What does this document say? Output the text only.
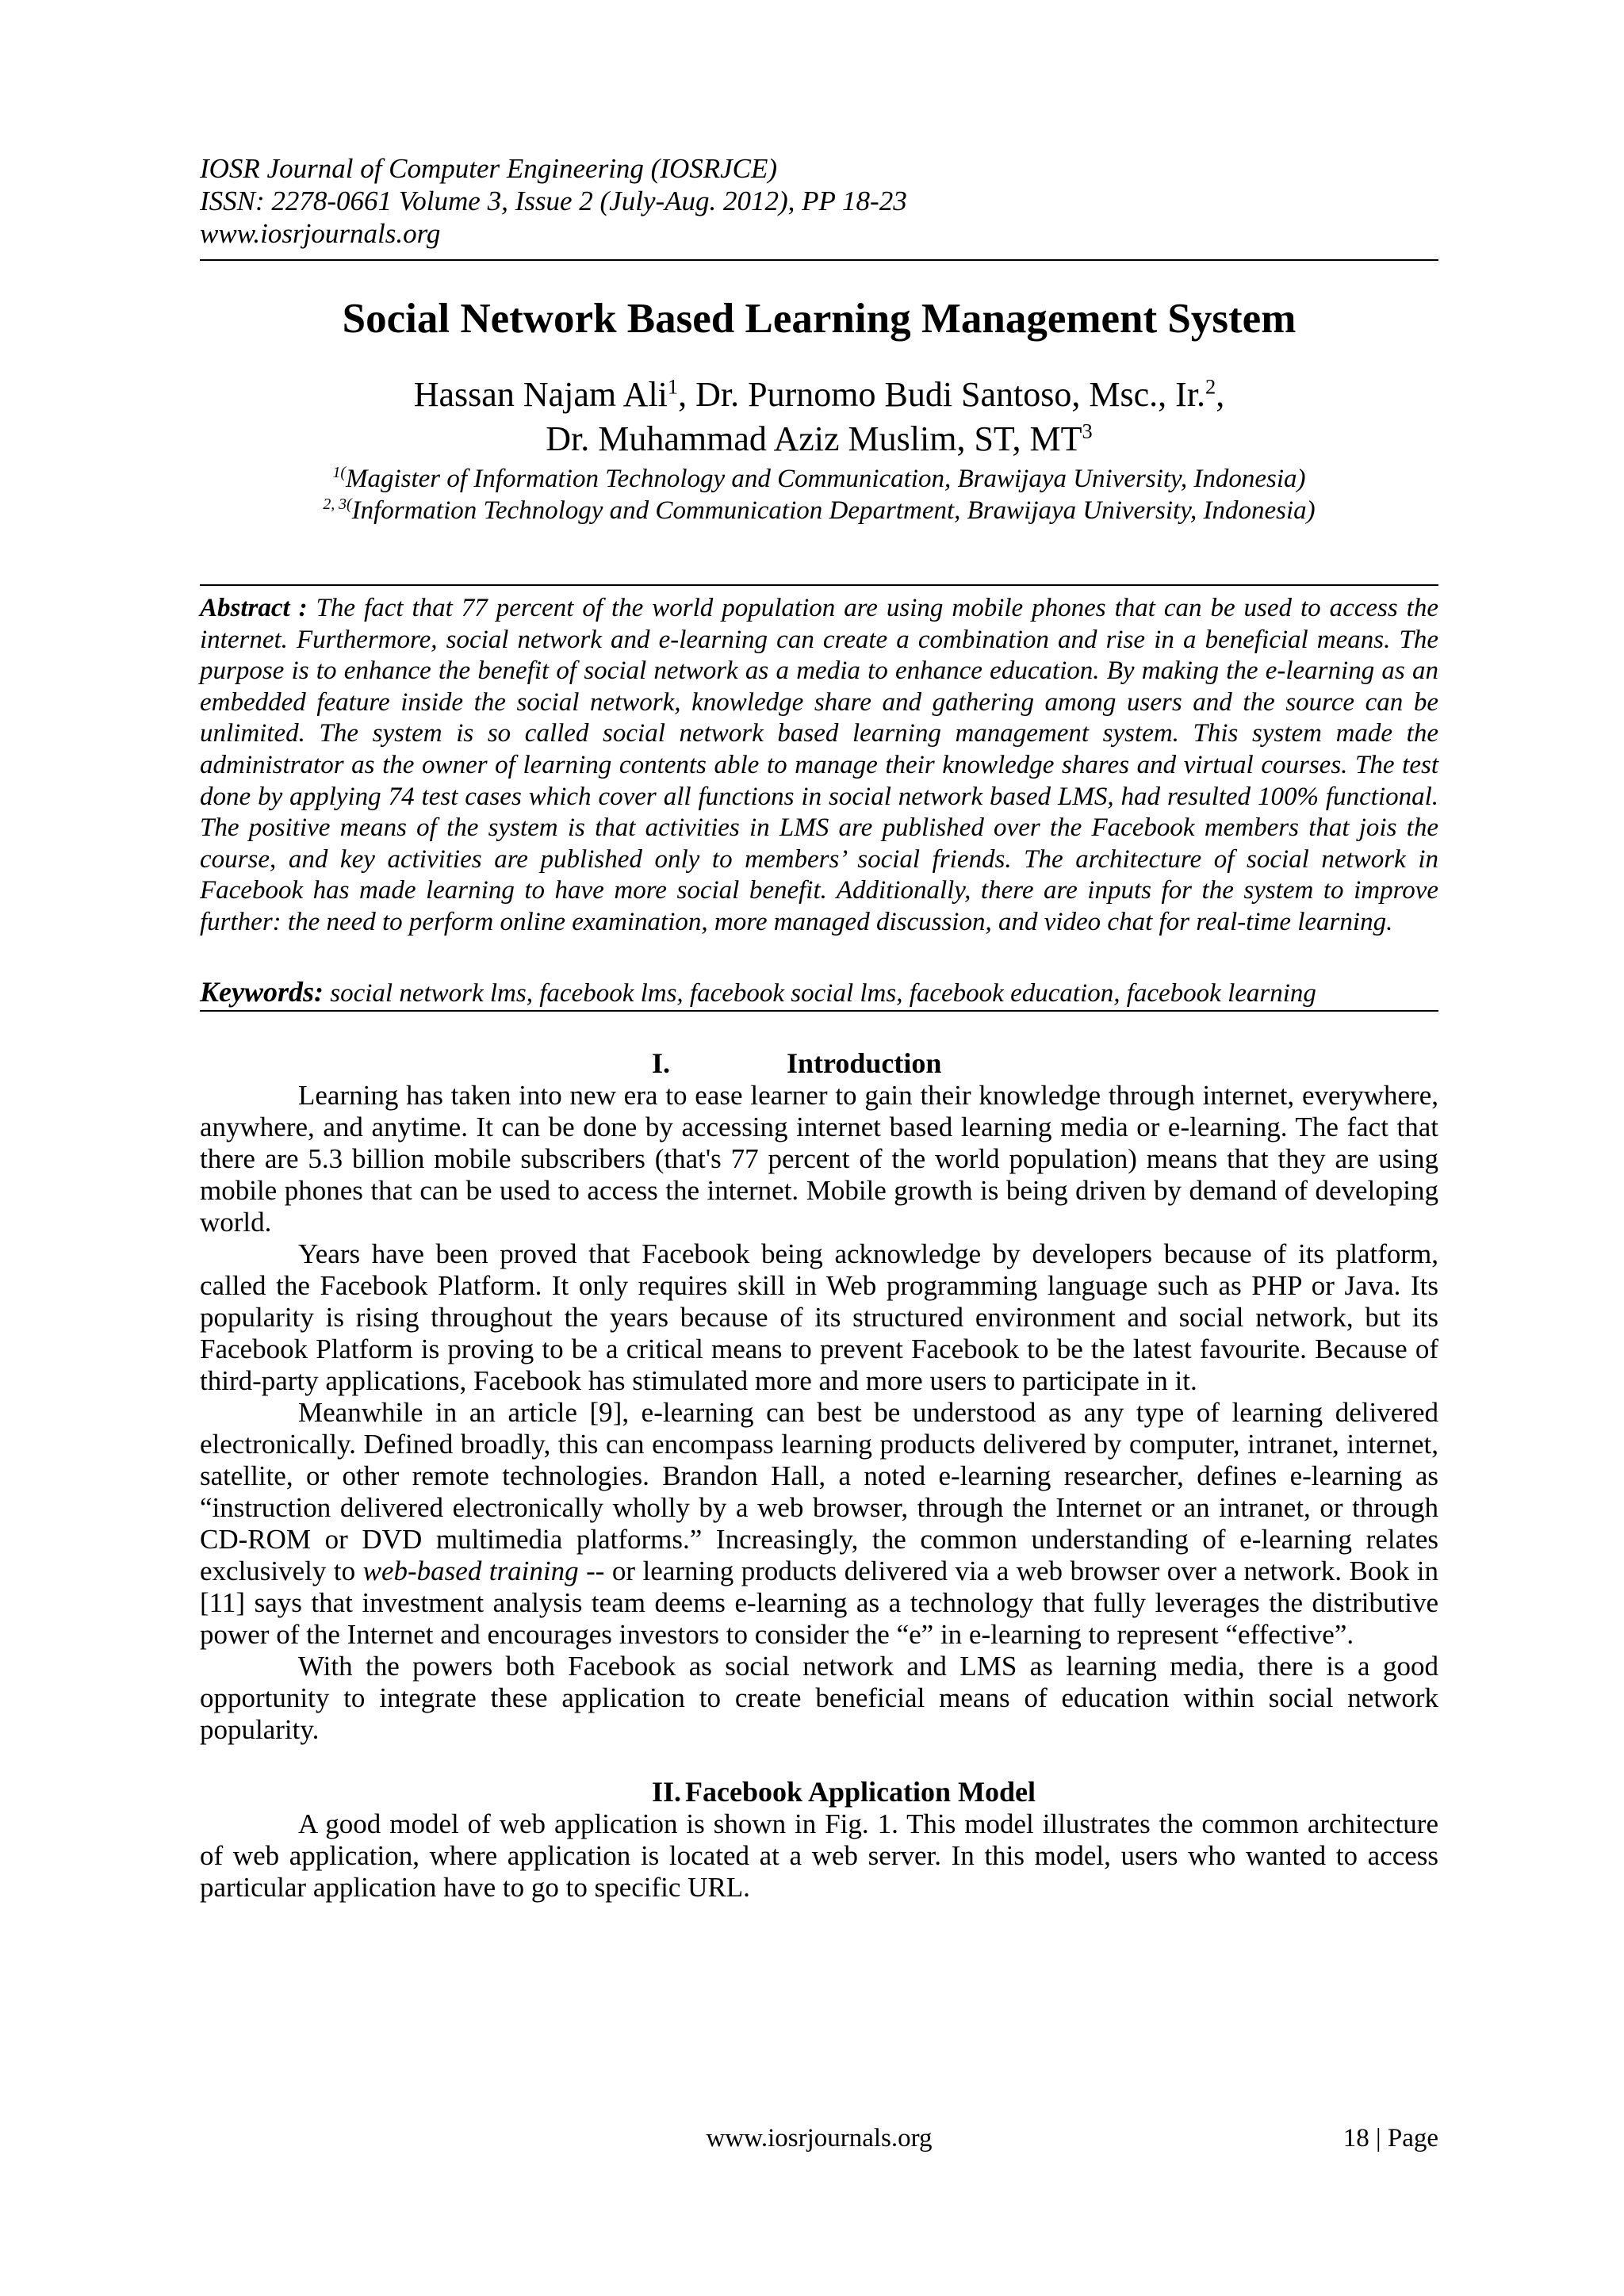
IOSR Journal of Computer Engineering (IOSRJCE)
ISSN: 2278-0661 Volume 3, Issue 2 (July-Aug. 2012), PP 18-23
www.iosrjournals.org
Social Network Based Learning Management System
Hassan Najam Ali$^1$, Dr. Purnomo Budi Santoso, Msc., Ir.$^2$,
Dr. Muhammad Aziz Muslim, ST, $MT^3$
$^{1(}$Magister of Information Technology and Communication, Brawijaya University, Indonesia)
$^{2, 3(}$Information Technology and Communication Department, Brawijaya University, Indonesia)
Abstract : The fact that 77 percent of the world population are using mobile phones that can be used to access the internet. Furthermore, social network and e-learning can create a combination and rise in a beneficial means. The purpose is to enhance the benefit of social network as a media to enhance education. By making the e-learning as an embedded feature inside the social network, knowledge share and gathering among users and the source can be unlimited. The system is so called social network based learning management system. This system made the administrator as the owner of learning contents able to manage their knowledge shares and virtual courses. The test done by applying 74 test cases which cover all functions in social network based LMS, had resulted 100% functional. The positive means of the system is that activities in LMS are published over the Facebook members that jois the course, and key activities are published only to members’ social friends. The architecture of social network in Facebook has made learning to have more social benefit. Additionally, there are inputs for the system to improve further: the need to perform online examination, more managed discussion, and video chat for real-time learning.
Keywords: social network lms, facebook lms, facebook social lms, facebook education, facebook learning
I.	Introduction

Learning has taken into new era to ease learner to gain their knowledge through internet, everywhere, anywhere, and anytime. It can be done by accessing internet based learning media or e-learning. The fact that there are 5.3 billion mobile subscribers (that's 77 percent of the world population) means that they are using mobile phones that can be used to access the internet. Mobile growth is being driven by demand of developing world.

Years have been proved that Facebook being acknowledge by developers because of its platform, called the Facebook Platform. It only requires skill in Web programming language such as PHP or Java. Its popularity is rising throughout the years because of its structured environment and social network, but its Facebook Platform is proving to be a critical means to prevent Facebook to be the latest favourite. Because of third-party applications, Facebook has stimulated more and more users to participate in it.

Meanwhile in an article [9], e-learning can best be understood as any type of learning delivered electronically. Defined broadly, this can encompass learning products delivered by computer, intranet, internet, satellite, or other remote technologies. Brandon Hall, a noted e-learning researcher, defines e-learning as “instruction delivered electronically wholly by a web browser, through the Internet or an intranet, or through CD-ROM or DVD multimedia platforms.” Increasingly, the common understanding of e-learning relates exclusively to web-based training -- or learning products delivered via a web browser over a network. Book in [11] says that investment analysis team deems e-learning as a technology that fully leverages the distributive power of the Internet and encourages investors to consider the “e” in e-learning to represent “effective”.

With the powers both Facebook as social network and LMS as learning media, there is a good opportunity to integrate these application to create beneficial means of education within social network popularity.

II. Facebook Application Model

A good model of web application is shown in Fig. 1. This model illustrates the common architecture of web application, where application is located at a web server. In this model, users who wanted to access particular application have to go to specific URL.

www.iosrjournals.org	18 | Page
